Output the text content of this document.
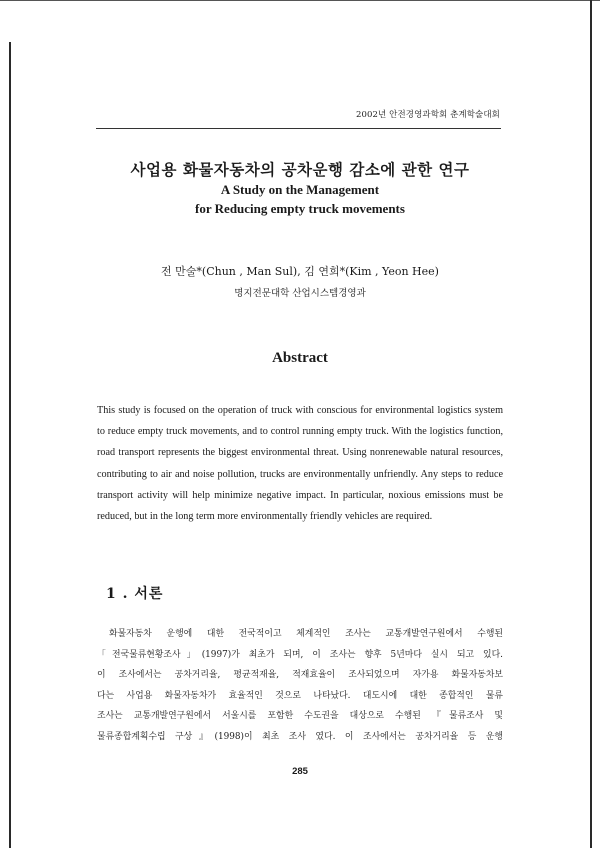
2002년 안전경영과학회 춘계학술대회
사업용 화물자동차의 공차운행 감소에 관한 연구
A Study on the Management
for Reducing empty truck movements
전 만술*(Chun , Man Sul), 김 연희*(Kim , Yeon Hee)
명지전문대학 산업시스템경영과
Abstract
This study is focused on the operation of truck with conscious for environmental logistics system to reduce empty truck movements, and to control running empty truck. With the logistics function, road transport represents the biggest environmental threat. Using nonrenewable natural resources, contributing to air and noise pollution, trucks are environmentally unfriendly. Any steps to reduce transport activity will help minimize negative impact. In particular, noxious emissions must be reduced, but in the long term more environmentally friendly vehicles are required.
1 . 서론
화물자동차 운행에 대한 전국적이고 체계적인 조사는 교통개발연구원에서 수행된
「전국물류현황조사」(1997)가 최초가 되며, 이 조사는 향후 5년마다 실시 되고 있다.
이 조사에서는 공차거리율, 평균적재율, 적재효율이 조사되었으며 자가용 화물자동차보
다는 사업용 화물자동차가 효율적인 것으로 나타났다. 대도시에 대한 종합적인 물류
조사는 교통개발연구원에서 서울시를 포함한 수도권을 대상으로 수행된 『물류조사 및
물류종합계획수립 구상』(1998)이 최초 조사 였다. 이 조사에서는 공차거리율 등 운행
285
